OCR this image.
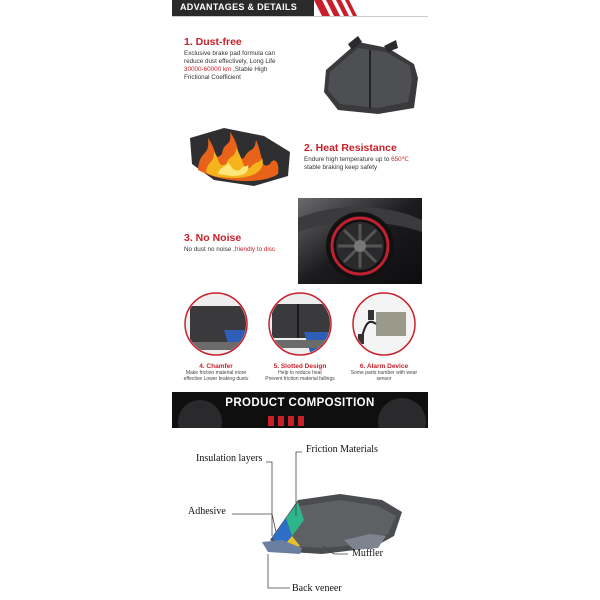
ADVANTAGES & DETAILS
1. Dust-free
Exclusive brake pad formula can
reduce dust effectively, Long Life
30000-60000 km ,Stable High
Frictional Coefficient
2. Heat Resistance
Endure high temperature up to 650℃
stable braking keep safety
3. No Noise
No dust no noise ,friendly to disc
4. Chamfer
Make friction material more
effective Lower braking dustv
5. Slotted Design
Help to reduce heat
Prevent friction material fallings
6. Alarm Device
Some parts number with wear
sensor
PRODUCT COMPOSITION
Insulation layers
Friction Materials
Adhesive
Muffler
Back veneer
